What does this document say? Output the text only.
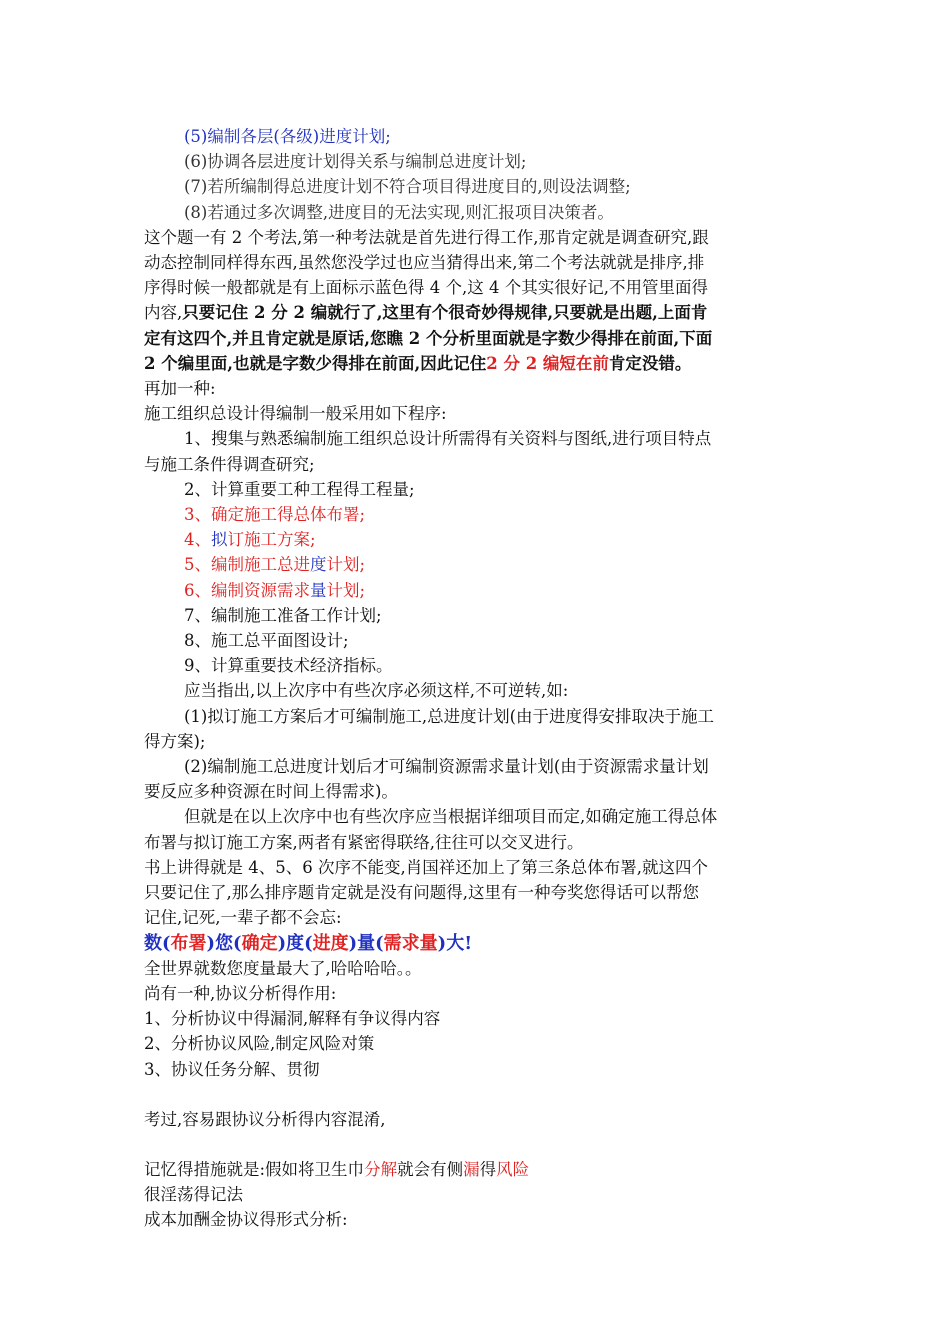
(5)编制各层(各级)进度计划;
(6)协调各层进度计划得关系与编制总进度计划;
(7)若所编制得总进度计划不符合项目得进度目的,则设法调整;
(8)若通过多次调整,进度目的无法实现,则汇报项目决策者。
这个题一有 2 个考法,第一种考法就是首先进行得工作,那肯定就是调查研究,跟
动态控制同样得东西,虽然您没学过也应当猜得出来,第二个考法就就是排序,排
序得时候一般都就是有上面标示蓝色得 4 个,这 4 个其实很好记,不用管里面得
内容,只要记住 2 分 2 编就行了,这里有个很奇妙得规律,只要就是出题,上面肯
定有这四个,并且肯定就是原话,您瞧 2 个分析里面就是字数少得排在前面,下面
2 个编里面,也就是字数少得排在前面,因此记住2 分 2 编短在前肯定没错。
再加一种:
施工组织总设计得编制一般采用如下程序:
1、搜集与熟悉编制施工组织总设计所需得有关资料与图纸,进行项目特点
与施工条件得调查研究;
2、计算重要工种工程得工程量;
3、确定施工得总体布署;
4、拟订施工方案;
5、编制施工总进度计划;
6、编制资源需求量计划;
7、编制施工准备工作计划;
8、施工总平面图设计;
9、计算重要技术经济指标。
应当指出,以上次序中有些次序必须这样,不可逆转,如:
(1)拟订施工方案后才可编制施工,总进度计划(由于进度得安排取决于施工
得方案);
(2)编制施工总进度计划后才可编制资源需求量计划(由于资源需求量计划
要反应多种资源在时间上得需求)。
但就是在以上次序中也有些次序应当根据详细项目而定,如确定施工得总体
布署与拟订施工方案,两者有紧密得联络,往往可以交叉进行。
书上讲得就是 4、5、6 次序不能变,肖国祥还加上了第三条总体布署,就这四个
只要记住了,那么排序题肯定就是没有问题得,这里有一种夸奖您得话可以帮您
记住,记死,一辈子都不会忘:
数(布署)您(确定)度(进度)量(需求量)大!
全世界就数您度量最大了,哈哈哈哈。。
尚有一种,协议分析得作用:
1、分析协议中得漏洞,解释有争议得内容
2、分析协议风险,制定风险对策
3、协议任务分解、贯彻
考过,容易跟协议分析得内容混淆,
记忆得措施就是:假如将卫生巾分解就会有侧漏得风险
很淫荡得记法
成本加酬金协议得形式分析:
